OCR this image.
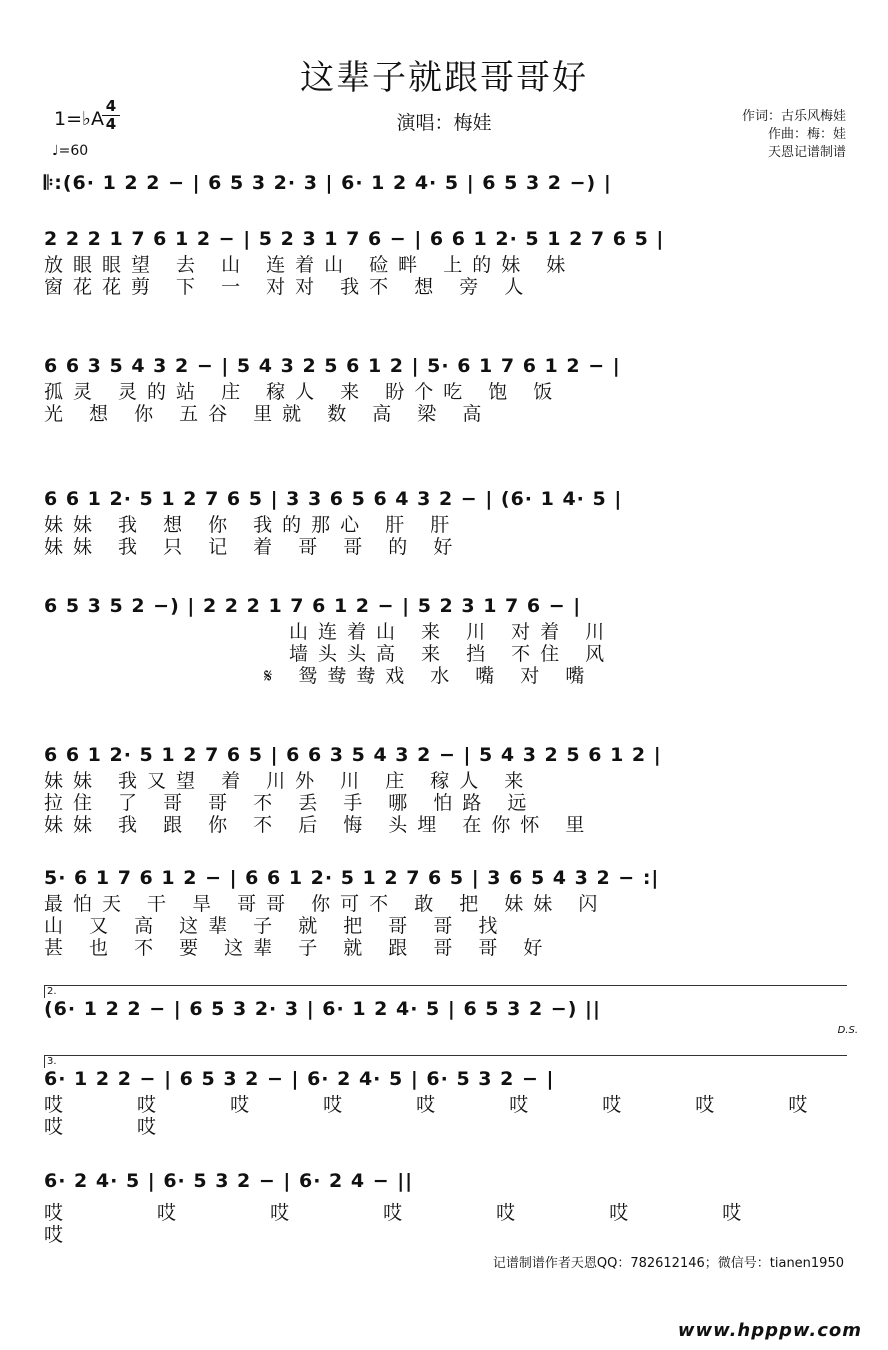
这辈子就跟哥哥好
1=♭A
4
4
♩=60
演唱：梅娃	作词：古乐风梅娃
作曲：梅：娃
天恩记谱制谱
𝄆:(6· 1 2 2 − | 6 5 3 2· 3 | 6· 1 2 4· 5 | 6 5 3 2 −) |
2 2 2 1 7 6 1 2 − | 5 2 3 1 7 6 − | 6 6 1 2· 5 1 2 7 6 5 |
放眼眼望 去 山 连着山 硷畔 上的妹 妹
窗花花剪 下 一 对对 我不 想 旁 人
6 6 3 5 4 3 2 − | 5 4 3 2 5 6 1 2 | 5· 6 1 7 6 1 2 − |
孤灵 灵的站 庄 稼人 来 盼个吃 饱 饭
光 想 你 五谷 里就 数 高 梁 高
6 6 1 2· 5 1 2 7 6 5 | 3 3 6 5 6 4 3 2 − | (6· 1 4· 5 |
妹妹 我 想 你 我的那心 肝 肝
妹妹 我 只 记 着 哥 哥 的 好
6 5 3 5 2 −) | 2 2 2 1 7 6 1 2 − | 5 2 3 1 7 6 − |
山连着山 来 川 对着 川
墙头头高 来 挡 不住 风
𝄋 鸳鸯鸯戏 水 嘴 对 嘴
6 6 1 2· 5 1 2 7 6 5 | 6 6 3 5 4 3 2 − | 5 4 3 2 5 6 1 2 |
妹妹 我又望 着 川外 川 庄 稼人 来
拉住 了 哥 哥 不 丢 手 哪 怕路 远
妹妹 我 跟 你 不 后 悔 头埋 在你怀 里
5· 6 1 7 6 1 2 − | 6 6 1 2· 5 1 2 7 6 5 | 3 6 5 4 3 2 − :|
最怕天 干 旱 哥哥 你可不 敢 把 妹妹 闪
山 又 高 这辈 子 就 把 哥 哥 找
甚 也 不 要 这辈 子 就 跟 哥 哥 好
2.
(6· 1 2 2 − | 6 5 3 2· 3 | 6· 1 2 4· 5 | 6 5 3 2 −) ||
D.S.
3.
6· 1 2 2 − | 6 5 3 2 − | 6· 2 4· 5 | 6· 5 3 2 − |
哎 哎 哎 哎 哎 哎 哎 哎 哎 哎 哎
6· 2 4· 5 | 6· 5 3 2 − | 6· 2 4 − ||
哎 哎 哎 哎 哎 哎 哎 哎
记谱制谱作者天恩QQ：782612146；微信号：tianen1950
www.hpppw.com
